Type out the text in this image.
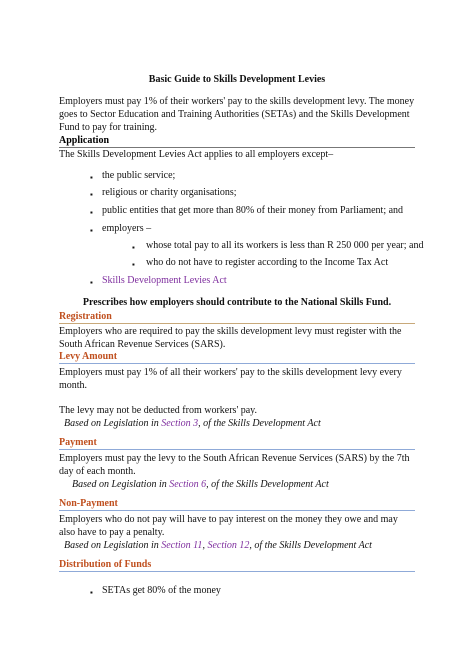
Basic Guide to Skills Development Levies
Employers must pay 1% of their workers' pay to the skills development levy. The money goes to Sector Education and Training Authorities (SETAs) and the Skills Development Fund to pay for training.
Application
The Skills Development Levies Act applies to all employers except–
▪ the public service;
▪ religious or charity organisations;
▪ public entities that get more than 80% of their money from Parliament; and
▪ employers –
▪ whose total pay to all its workers is less than R 250 000 per year; and
▪ who do not have to register according to the Income Tax Act
▪ Skills Development Levies Act
Prescribes how employers should contribute to the National Skills Fund.
Registration
Employers who are required to pay the skills development levy must register with the South African Revenue Services (SARS).
Levy Amount
Employers must pay 1% of all their workers' pay to the skills development levy every month.
The levy may not be deducted from workers' pay.
Based on Legislation in Section 3, of the Skills Development Act
Payment
Employers must pay the levy to the South African Revenue Services (SARS) by the 7th day of each month.
Based on Legislation in Section 6, of the Skills Development Act
Non-Payment
Employers who do not pay will have to pay interest on the money they owe and may also have to pay a penalty.
Based on Legislation in Section 11, Section 12, of the Skills Development Act
Distribution of Funds
▪ SETAs get 80% of the money
